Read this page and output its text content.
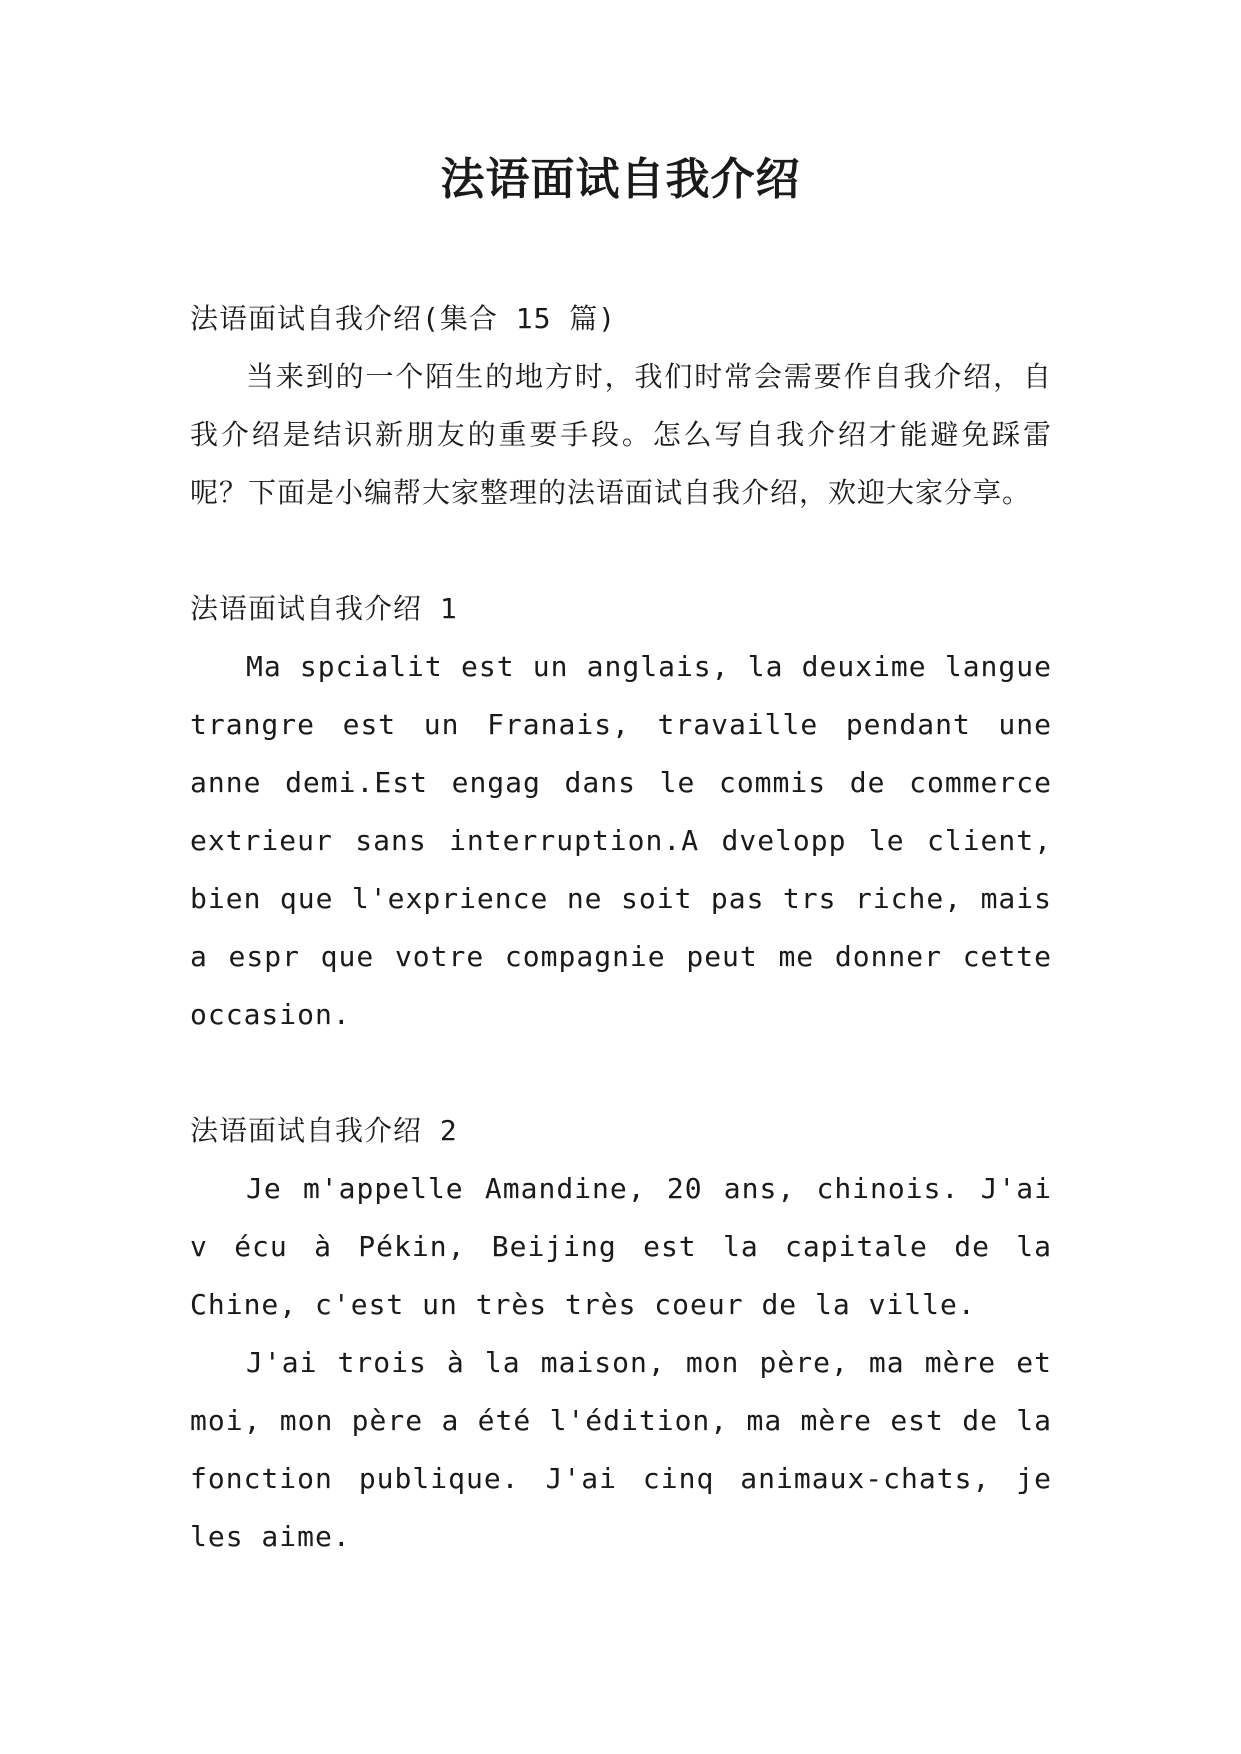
法语面试自我介绍

法语面试自我介绍(集合 15 篇)

当来到的一个陌生的地方时，我们时常会需要作自我介绍，自我介绍是结识新朋友的重要手段。怎么写自我介绍才能避免踩雷呢？下面是小编帮大家整理的法语面试自我介绍，欢迎大家分享。

法语面试自我介绍 1

Ma spcialit est un anglais, la deuxime langue trangre est un Franais, travaille pendant une anne demi.Est engag dans le commis de commerce extrieur sans interruption.A dvelopp le client, bien que l'exprience ne soit pas trs riche, mais a espr que votre compagnie peut me donner cette occasion.

法语面试自我介绍 2

Je m'appelle Amandine, 20 ans, chinois. J'ai v écu à Pékin, Beijing est la capitale de la Chine, c'est un très très coeur de la ville.

J'ai trois à la maison, mon père, ma mère et moi, mon père a été l'édition, ma mère est de la fonction publique. J'ai cinq animaux-chats, je les aime.
